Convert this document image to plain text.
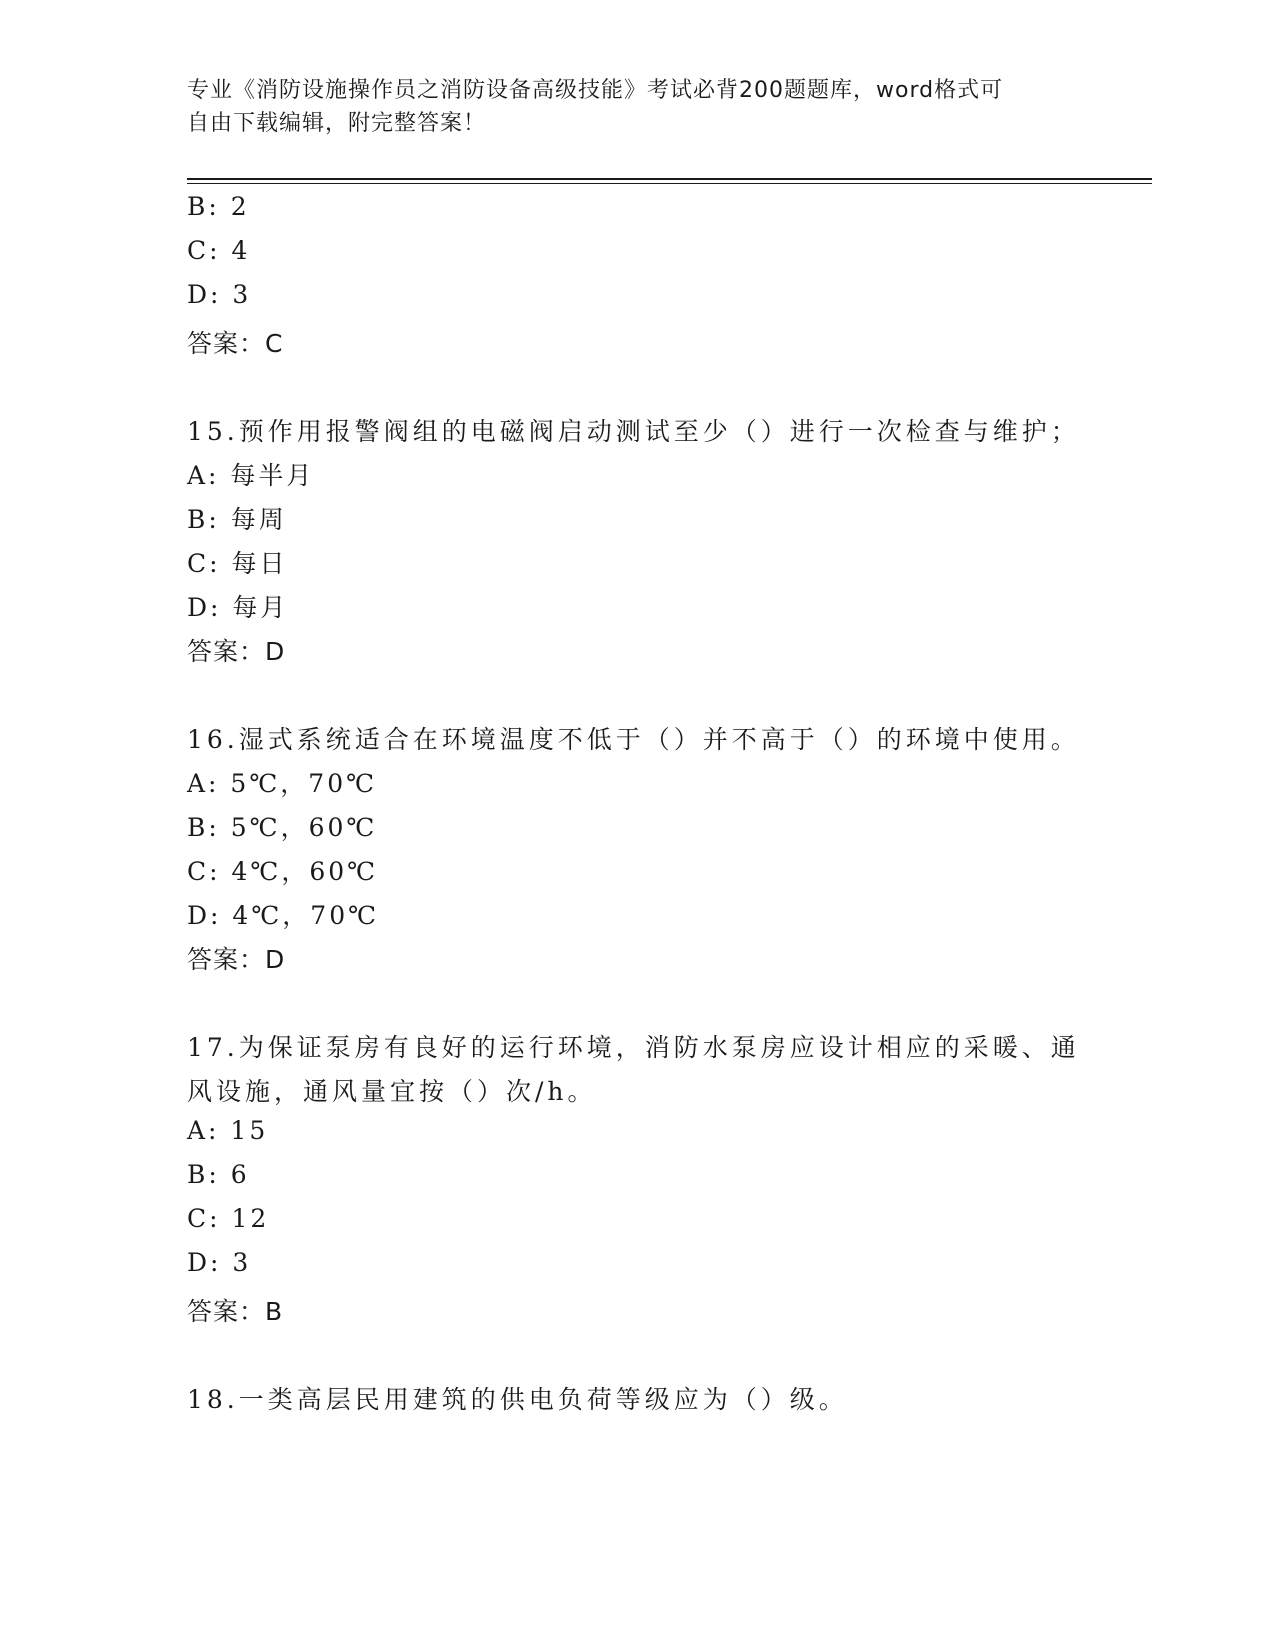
专业《消防设施操作员之消防设备高级技能》考试必背200题题库，word格式可
自由下载编辑，附完整答案！
B: 2
C: 4
D: 3
答案：C
15.预作用报警阀组的电磁阀启动测试至少（）进行一次检查与维护；
A: 每半月
B: 每周
C: 每日
D: 每月
答案：D
16.湿式系统适合在环境温度不低于（）并不高于（）的环境中使用。
A: 5℃，70℃
B: 5℃，60℃
C: 4℃，60℃
D: 4℃，70℃
答案：D
17.为保证泵房有良好的运行环境，消防水泵房应设计相应的采暖、通
风设施，通风量宜按（）次/h。
A: 15
B: 6
C: 12
D: 3
答案：B
18.一类高层民用建筑的供电负荷等级应为（）级。
